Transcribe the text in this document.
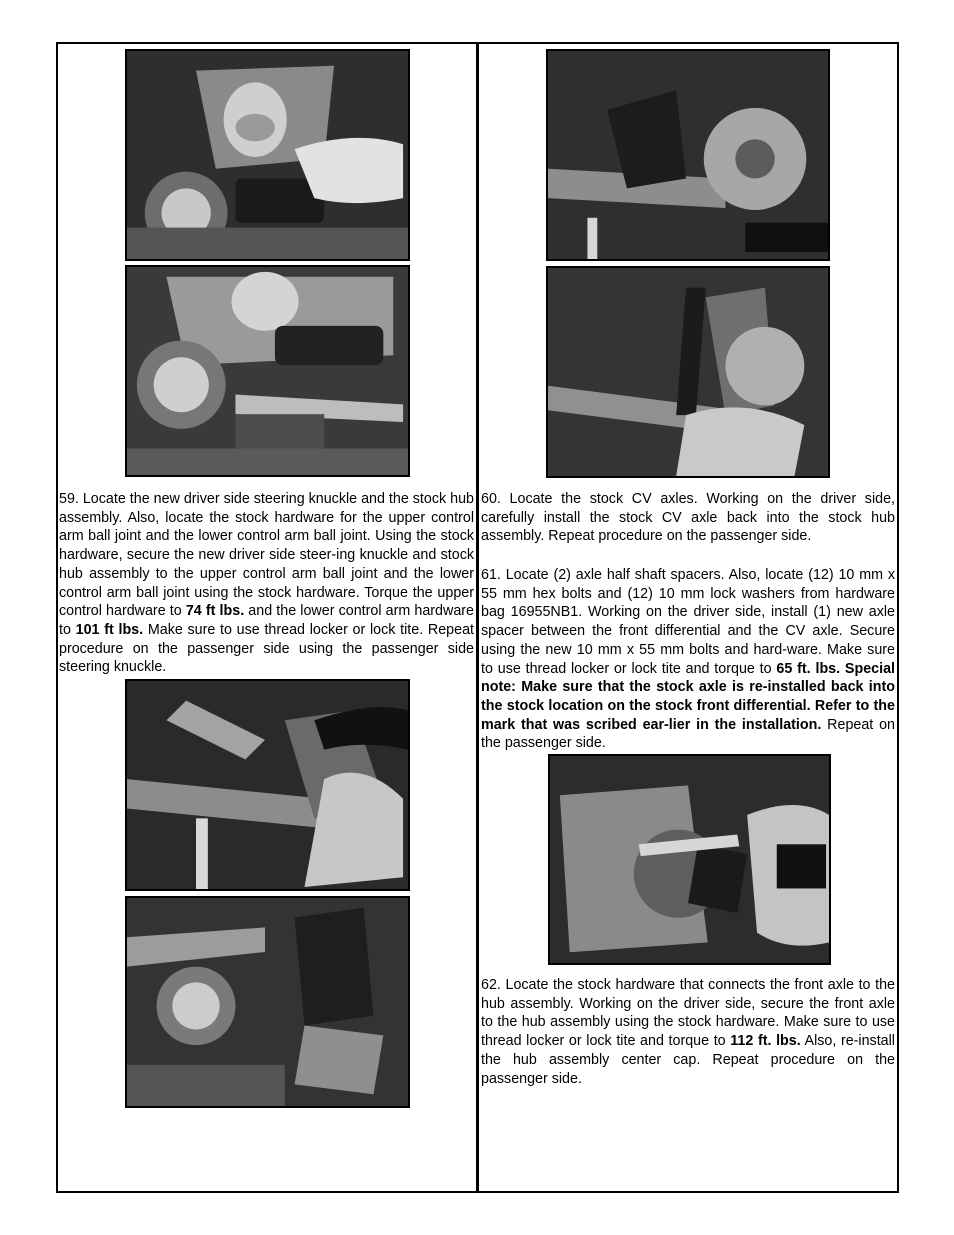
59. Locate the new driver side steering knuckle and the stock hub assembly. Also, locate the stock hardware for the upper control arm ball joint and the lower control arm ball joint. Using the stock hardware, secure the new driver side steer-ing knuckle and stock hub assembly to the upper control arm ball joint and the lower control arm ball joint using the stock hardware. Torque the upper control hardware to 74 ft lbs. and the lower control arm hardware to 101 ft lbs. Make sure to use thread locker or lock tite. Repeat procedure on the passenger side using the passenger side steering knuckle.

60. Locate the stock CV axles. Working on the driver side, carefully install the stock CV axle back into the stock hub assembly. Repeat procedure on the passenger side.

61. Locate (2) axle half shaft spacers. Also, locate (12) 10 mm x 55 mm hex bolts and (12) 10 mm lock washers from hardware bag 16955NB1. Working on the driver side, install (1) new axle spacer between the front differential and the CV axle. Secure using the new 10 mm x 55 mm bolts and hard-ware. Make sure to use thread locker or lock tite and torque to 65 ft. lbs. Special note: Make sure that the stock axle is re-installed back into the stock location on the stock front differential. Refer to the mark that was scribed ear-lier in the installation. Repeat on the passenger side.

62. Locate the stock hardware that connects the front axle to the hub assembly. Working on the driver side, secure the front axle to the hub assembly using the stock hardware. Make sure to use thread locker or lock tite and torque to 112 ft. lbs. Also, re-install the hub assembly center cap. Repeat procedure on the passenger side.
